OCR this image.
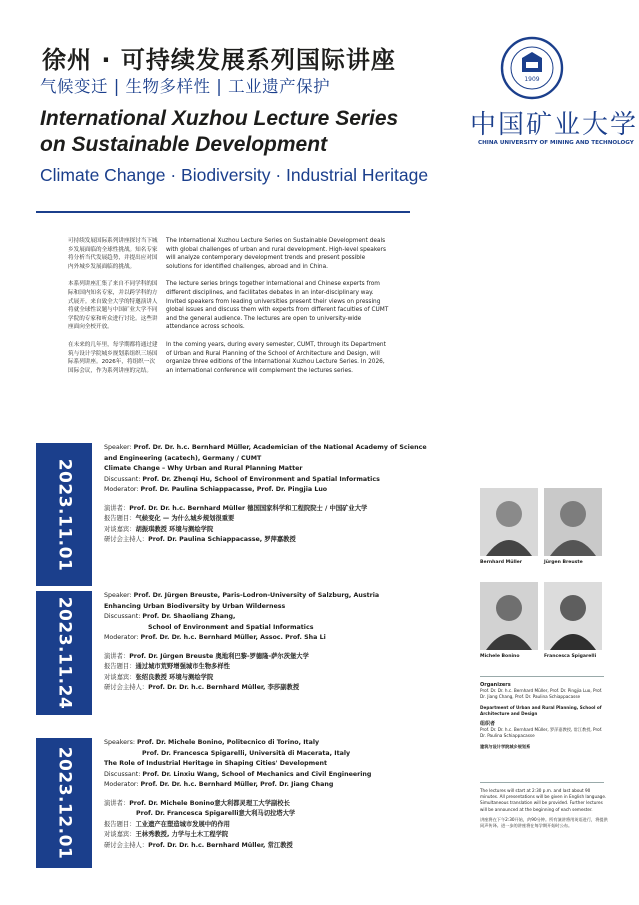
徐州 · 可持续发展系列国际讲座
气候变迁 | 生物多样性 | 工业遗产保护
International Xuzhou Lecture Series
on Sustainable Development
Climate Change · Biodiversity · Industrial Heritage
1909
中国矿业大学
CHINA UNIVERSITY OF MINING AND TECHNOLOGY

可持续发展国际系列讲座探讨当下城乡发展面临的全球性挑战。知名专家将分析当代发展趋势，并提出应对国内外城乡发展面临的挑战。

本系列讲座汇集了来自不同学科的国际和国内知名专家，并以跨学科的方式展开。来自致全大学的特邀演讲人将就全球性议题与中国矿业大学不同学院的专家和听众进行讨论。这些讲座面向全校开放。

在未来的几年里，每学期都将通过建筑与设计学院城乡规划系组织三场国际系列讲座。2026年，将组织一次国际会议，作为系列讲座的完结。

The International Xuzhou Lecture Series on Sustainable Development deals with global challenges of urban and rural development. High-level speakers will analyze contemporary development trends and present possible solutions for identified challenges, abroad and in China.

The lecture series brings together international and Chinese experts from different disciplines, and facilitates debates in an inter-disciplinary way. Invited speakers from leading universities present their views on pressing global issues and discuss them with experts from different faculties of CUMT and the general audience. The lectures are open to university-wide attendance across schools.

In the coming years, during every semester, CUMT, through its Department of Urban and Rural Planning of the School of Architecture and Design, will organize three editions of the International Xuzhou Lecture Series. In 2026, an international conference will complement the lectures series.

2023.11.01
Speaker: Prof. Dr. Dr. h.c. Bernhard Müller, Academician of the National Academy of Science and Engineering (acatech), Germany / CUMT
Climate Change – Why Urban and Rural Planning Matter
Discussant: Prof. Dr. Zhenqi Hu, School of Environment and Spatial Informatics
Moderator: Prof. Dr. Paulina Schiappacasse, Prof. Dr. Pingjia Luo
演讲者：Prof. Dr. Dr. h.c. Bernhard Müller 德国国家科学和工程院院士 / 中国矿业大学
报告题目：气候变化 — 为什么城乡规划很重要
对谈嘉宾：胡振琪教授 环境与测绘学院
研讨会主持人：Prof. Dr. Paulina Schiappacasse, 罗萍嘉教授
2023.11.24
Speaker: Prof. Dr. Jürgen Breuste, Paris-Lodron-University of Salzburg, Austria
Enhancing Urban Biodiversity by Urban Wilderness
Discussant: Prof. Dr. Shaoliang Zhang,
School of Environment and Spatial Informatics
Moderator: Prof. Dr. Dr. h.c. Bernhard Müller, Assoc. Prof. Sha Li
演讲者：Prof. Dr. Jürgen Breuste 奥地利巴黎-罗德隆-萨尔茨堡大学
报告题目：通过城市荒野增强城市生物多样性
对谈嘉宾：张绍良教授 环境与测绘学院
研讨会主持人：Prof. Dr. Dr. h.c. Bernhard Müller, 李莎副教授
2023.12.01
Speakers: Prof. Dr. Michele Bonino, Politecnico di Torino, Italy
Prof. Dr. Francesca Spigarelli, Università di Macerata, Italy
The Role of Industrial Heritage in Shaping Cities' Development
Discussant: Prof. Dr. Linxiu Wang, School of Mechanics and Civil Engineering
Moderator: Prof. Dr. Dr. h.c. Bernhard Müller, Prof. Dr. Jiang Chang
演讲者：Prof. Dr. Michele Bonino意大利都灵理工大学副校长
Prof. Dr. Francesca Spigarelli意大利马切拉塔大学
报告题目：工业遗产在塑造城市发展中的作用
对谈嘉宾：王林秀教授, 力学与土木工程学院
研讨会主持人：Prof. Dr. Dr. h.c. Bernhard Müller, 常江教授
Bernhard Müller	Jürgen Breuste
Michele Bonino	Francesca Spigarelli

Organizers
Prof. Dr. Dr. h.c. Bernhard Müller, Prof. Dr. Pingjia Luo, Prof. Dr. Jiang Chang, Prof. Dr. Paulina Schiappacasse

Department of Urban and Rural Planning, School of Architecture and Design

组织者
Prof. Dr. Dr. h.c. Bernhard Müller, 罗萍嘉教授, 常江教授, Prof. Dr. Paulina Schiappacasse

建筑与设计学院城乡规划系

The lectures will start at 2:30 p.m. and last about 90 minutes. All presentations will be given in English language. Simultaneous translation will be provided. Further lectures will be announced at the beginning of each semester.

讲座将在下午2:30开始，约90分钟。所有演讲将用英语进行，将提供同声传译。进一步的讲座将在每学期开始时公布。
